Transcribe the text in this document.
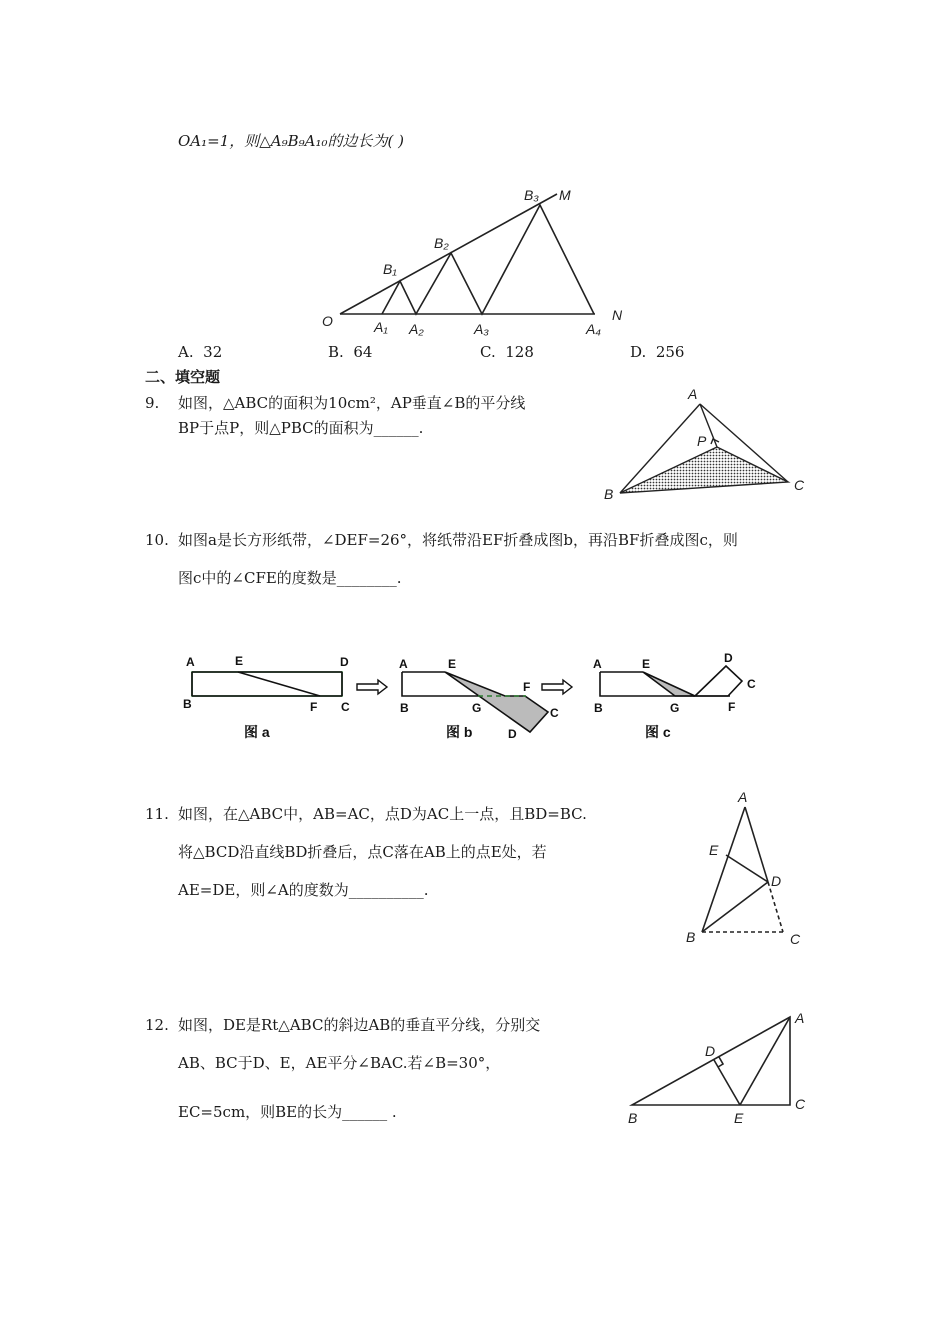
OA₁=1，则△A₉B₉A₁₀的边长为( )
O	A₁ A₂	A₃	A₄
N
B₁
B₂
B₃ M
A. 32	B. 64	C. 128	D. 256
二、填空题
9. 如图，△ABC的面积为10cm²，AP垂直∠B的平分线
BP于点P，则△PBC的面积为______.
A
B
C
P
10. 如图a是长方形纸带，∠DEF=26°，将纸带沿EF折叠成图b，再沿BF折叠成图c，则
图c中的∠CFE的度数是________.
A	E	D
B	F C
A	E
F
B	G	C
D
A	E	D
C
B	G	F
图 a	图 b	图 c
11. 如图，在△ABC中，AB=AC，点D为AC上一点，且BD=BC.
将△BCD沿直线BD折叠后，点C落在AB上的点E处，若
AE=DE，则∠A的度数为__________.
A
E
D
B	C
12. 如图，DE是Rt△ABC的斜边AB的垂直平分线，分别交
AB、BC于D、E，AE平分∠BAC.若∠B=30°，
EC=5cm，则BE的长为______ .
A
D
B	E
C
